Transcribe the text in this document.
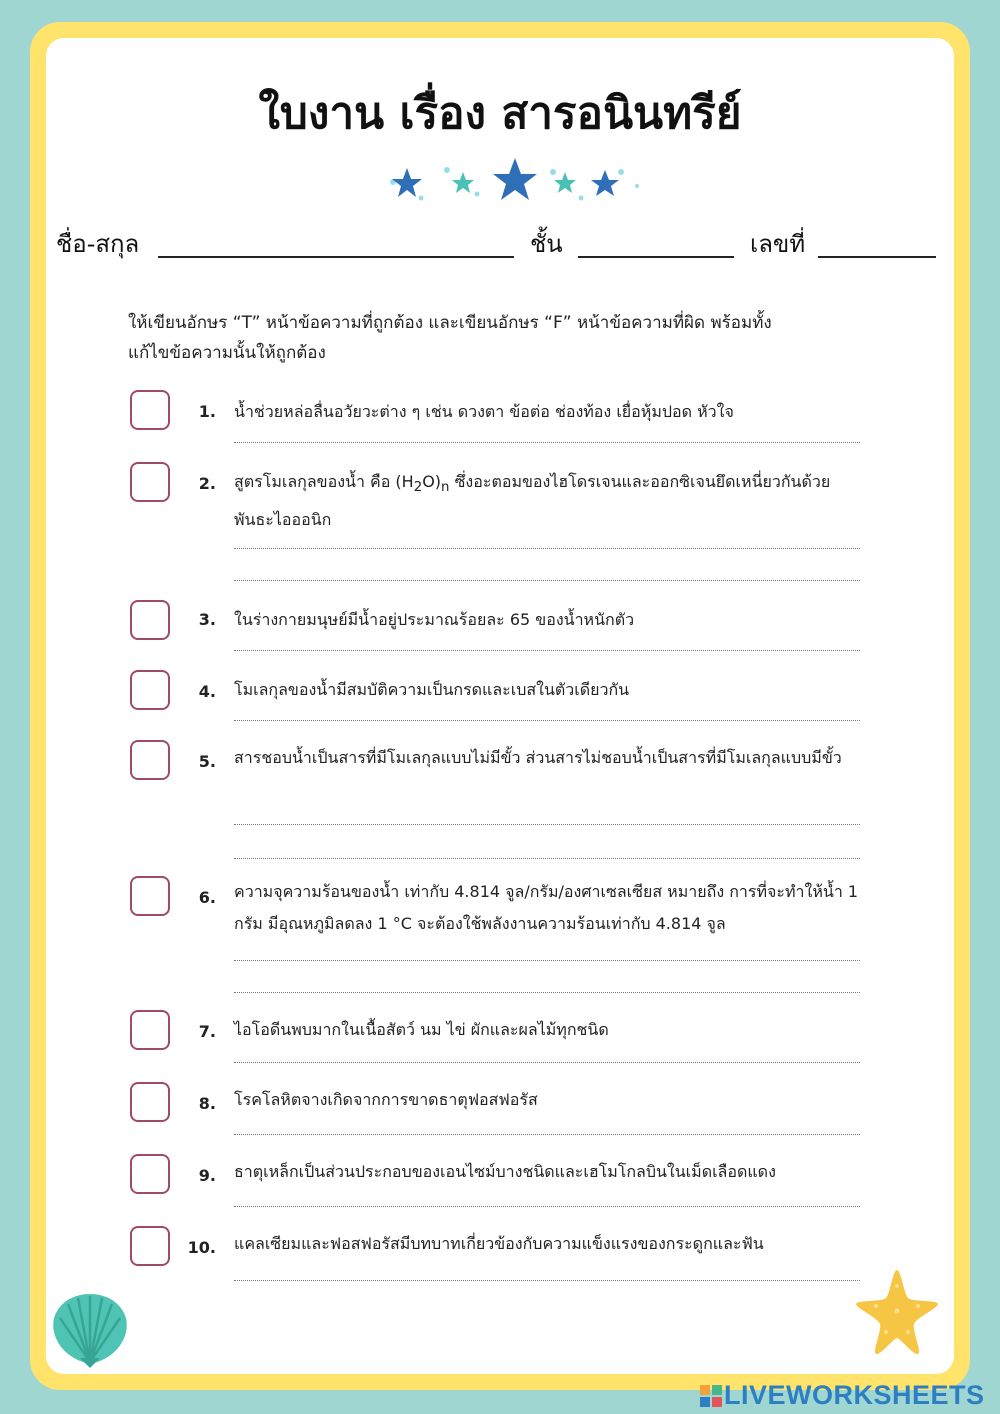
ใบงาน เรื่อง สารอนินทรีย์
ชื่อ-สกุล	ชั้น	เลขที่
ให้เขียนอักษร “T” หน้าข้อความที่ถูกต้อง และเขียนอักษร “F” หน้าข้อความที่ผิด พร้อมทั้ง
แก้ไขข้อความนั้นให้ถูกต้อง
1. น้ำช่วยหล่อลื่นอวัยวะต่าง ๆ เช่น ดวงตา ข้อต่อ ช่องท้อง เยื่อหุ้มปอด หัวใจ
2. สูตรโมเลกุลของน้ำ คือ $(H_2O)_n$ ซึ่งอะตอมของไฮโดรเจนและออกซิเจนยึดเหนี่ยวกันด้วยพันธะไอออนิก
3. ในร่างกายมนุษย์มีน้ำอยู่ประมาณร้อยละ 65 ของน้ำหนักตัว
4. โมเลกุลของน้ำมีสมบัติความเป็นกรดและเบสในตัวเดียวกัน
5. สารชอบน้ำเป็นสารที่มีโมเลกุลแบบไม่มีขั้ว ส่วนสารไม่ชอบน้ำเป็นสารที่มีโมเลกุลแบบมีขั้ว
6. ความจุความร้อนของน้ำ เท่ากับ 4.814 จูล/กรัม/องศาเซลเซียส หมายถึง การที่จะทำให้น้ำ 1 กรัม มีอุณหภูมิลดลง 1 °C จะต้องใช้พลังงานความร้อนเท่ากับ 4.814 จูล
7. ไอโอดีนพบมากในเนื้อสัตว์ นม ไข่ ผักและผลไม้ทุกชนิด
8. โรคโลหิตจางเกิดจากการขาดธาตุฟอสฟอรัส
9. ธาตุเหล็กเป็นส่วนประกอบของเอนไซม์บางชนิดและเฮโมโกลบินในเม็ดเลือดแดง
10. แคลเซียมและฟอสฟอรัสมีบทบาทเกี่ยวข้องกับความแข็งแรงของกระดูกและฟัน
LIVEWORKSHEETS
